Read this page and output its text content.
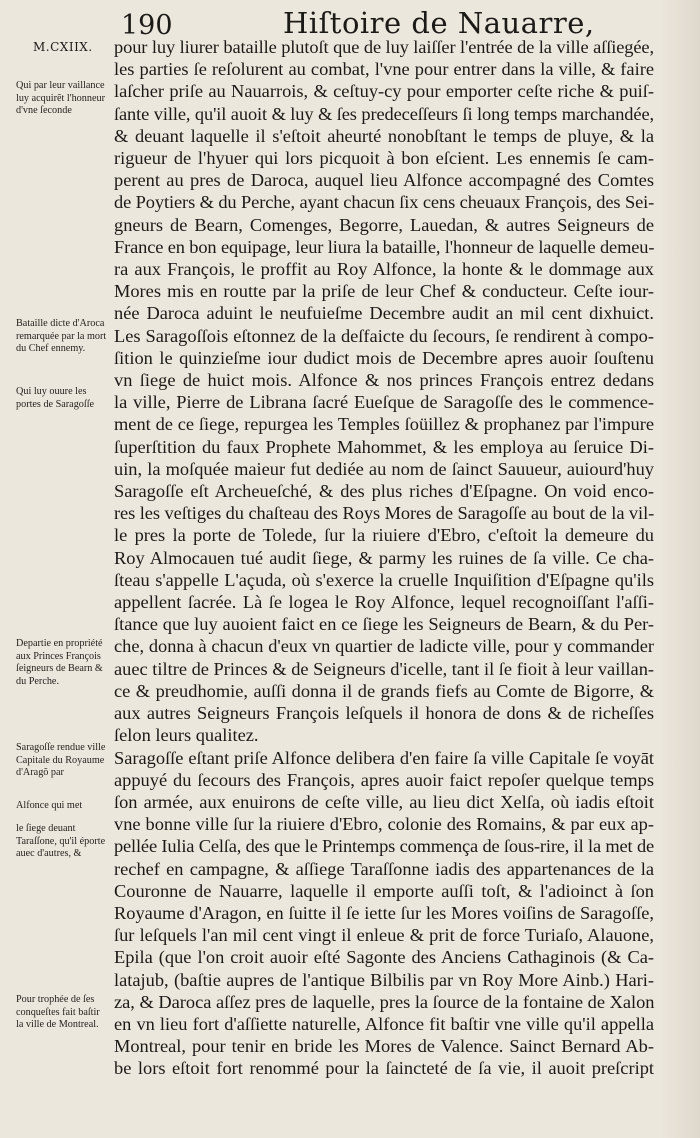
M.CXIIX.
190	Hiſtoire de Nauarre,
Qui par leur vaillance luy acquirẽt l'honneur d'vne ſeconde
Bataille dicte d'Aroca remarquée par la mort du Chef ennemy.
Qui luy ouure les portes de Saragoſſe
Departie en propriété aux Princes François ſeigneurs de Bearn & du Perche.
Saragoſſe rendue ville Capitale du Royaume d'Aragõ par
Alfonce qui met
le ſiege deuant Taraſſone, qu'il éporte auec d'autres, &
Pour trophée de ſes conqueſtes fait baſtir la ville de Montreal.
pour luy liurer bataille plutoſt que de luy laiſſer l'entrée de la ville aſſiegée,
les parties ſe reſolurent au combat, l'vne pour entrer dans la ville, & faire
laſcher priſe au Nauarrois, & ceſtuy-cy pour emporter ceſte riche & puiſ-
ſante ville, qu'il auoit & luy & ſes predeceſſeurs ſi long temps marchandée,
& deuant laquelle il s'eſtoit aheurté nonobſtant le temps de pluye, & la
rigueur de l'hyuer qui lors picquoit à bon eſcient. Les ennemis ſe cam-
perent au pres de Daroca, auquel lieu Alfonce accompagné des Comtes
de Poytiers & du Perche, ayant chacun ſix cens cheuaux François, des Sei-
gneurs de Bearn, Comenges, Begorre, Lauedan, & autres Seigneurs de
France en bon equipage, leur liura la bataille, l'honneur de laquelle demeu-
ra aux François, le proffit au Roy Alfonce, la honte & le dommage aux
Mores mis en routte par la priſe de leur Chef & conducteur. Ceſte iour-
née Daroca aduint le neufuieſme Decembre audit an mil cent dixhuict.
Les Saragoſſois eſtonnez de la deſfaicte du ſecours, ſe rendirent à compo-
ſition le quinzieſme iour dudict mois de Decembre apres auoir ſouſtenu
vn ſiege de huict mois. Alfonce & nos princes François entrez dedans
la ville, Pierre de Librana ſacré Eueſque de Saragoſſe des le commence-
ment de ce ſiege, repurgea les Temples ſoüillez & prophanez par l'impure
ſuperſtition du faux Prophete Mahommet, & les employa au ſeruice Di-
uin, la moſquée maieur fut dediée au nom de ſainct Sauueur, auiourd'huy
Saragoſſe eſt Archeueſché, & des plus riches d'Eſpagne. On void enco-
res les veſtiges du chaſteau des Roys Mores de Saragoſſe au bout de la vil-
le pres la porte de Tolede, ſur la riuiere d'Ebro, c'eſtoit la demeure du
Roy Almocauen tué audit ſiege, & parmy les ruines de ſa ville. Ce cha-
ſteau s'appelle L'açuda, où s'exerce la cruelle Inquiſition d'Eſpagne qu'ils
appellent ſacrée. Là ſe logea le Roy Alfonce, lequel recognoiſſant l'aſſi-
ſtance que luy auoient faict en ce ſiege les Seigneurs de Bearn, & du Per-
che, donna à chacun d'eux vn quartier de ladicte ville, pour y commander
auec tiltre de Princes & de Seigneurs d'icelle, tant il ſe fioit à leur vaillan-
ce & preudhomie, auſſi donna il de grands fiefs au Comte de Bigorre, &
aux autres Seigneurs François leſquels il honora de dons & de richeſſes
ſelon leurs qualitez.
Saragoſſe eſtant priſe Alfonce delibera d'en faire ſa ville Capitale ſe voyāt
appuyé du ſecours des François, apres auoir faict repoſer quelque temps
ſon armée, aux enuirons de ceſte ville, au lieu dict Xelſa, où iadis eſtoit
vne bonne ville ſur la riuiere d'Ebro, colonie des Romains, & par eux ap-
pellée Iulia Celſa, des que le Printemps commença de ſous-rire, il la met de
rechef en campagne, & aſſiege Taraſſonne iadis des appartenances de la
Couronne de Nauarre, laquelle il emporte auſſi toſt, & l'adioinct à ſon
Royaume d'Aragon, en ſuitte il ſe iette ſur les Mores voiſins de Saragoſſe,
ſur leſquels l'an mil cent vingt il enleue & prit de force Turiaſo, Alauone,
Epila (que l'on croit auoir eſté Sagonte des Anciens Cathaginois (& Ca-
latajub, (baſtie aupres de l'antique Bilbilis par vn Roy More Ainb.) Hari-
za, & Daroca aſſez pres de laquelle, pres la ſource de la fontaine de Xalon
en vn lieu fort d'aſſiette naturelle, Alfonce fit baſtir vne ville qu'il appella
Montreal, pour tenir en bride les Mores de Valence. Sainct Bernard Ab-
be lors eſtoit fort renommé pour la ſaincteté de ſa vie, il auoit preſcript
